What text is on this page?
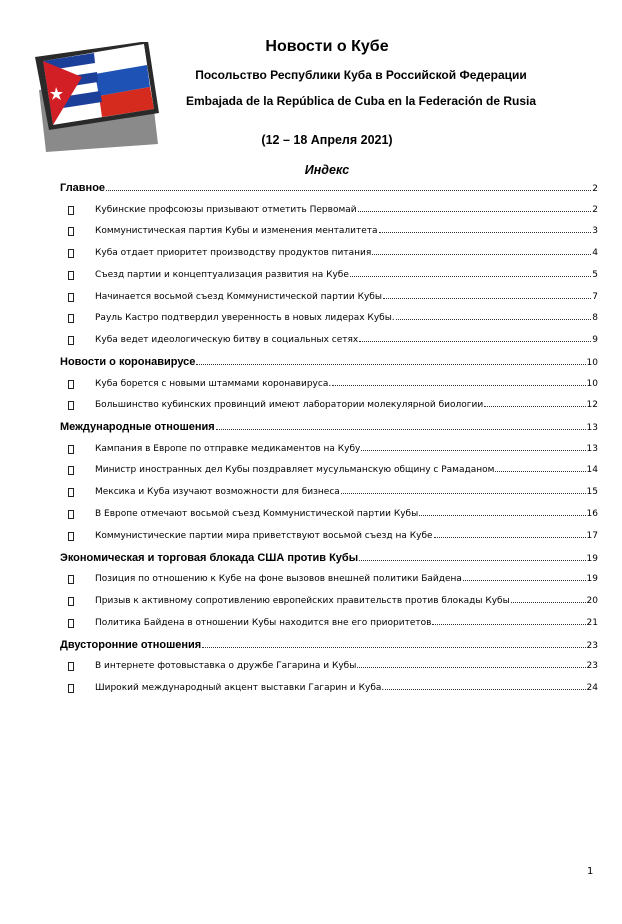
Новости о Кубе
Посольство Республики Куба в Российской Федерации
Embajada de la República de Cuba en la Federación de Rusia
(12 – 18 Апреля 2021)
Индекс
Главное	2
Кубинские профсоюзы призывают отметить Первомай	2
Коммунистическая партия Кубы и изменения менталитета	3
Куба отдает приоритет производству продуктов питания	4
Съезд партии и концептуализация развития на Кубе	5
Начинается восьмой съезд Коммунистической партии Кубы	7
Рауль Кастро подтвердил уверенность в новых лидерах Кубы.	8
Куба ведет идеологическую битву в социальных сетях	9
Новости о коронавирусе	10
Куба борется с новыми штаммами коронавируса.	10
Большинство кубинских провинций имеют лаборатории молекулярной биологии	12
Международные отношения	13
Кампания в Европе по отправке медикаментов на Кубу	13
Министр иностранных дел Кубы поздравляет мусульманскую общину с Рамаданом	14
Мексика и Куба изучают возможности для бизнеса	15
В Европе отмечают восьмой съезд Коммунистической партии Кубы	16
Коммунистические партии мира приветствуют восьмой съезд на Кубе	17
Экономическая и торговая блокада США против Кубы	19
Позиция по отношению к Кубе на фоне вызовов внешней политики Байдена	19
Призыв к активному сопротивлению европейских правительств против блокады Кубы	20
Политика Байдена в отношении Кубы находится вне его приоритетов	21
Двусторонние отношения	23
В интернете фотовыставка о дружбе Гагарина и Кубы	23
Широкий международный акцент выставки Гагарин и Куба.	24
1
